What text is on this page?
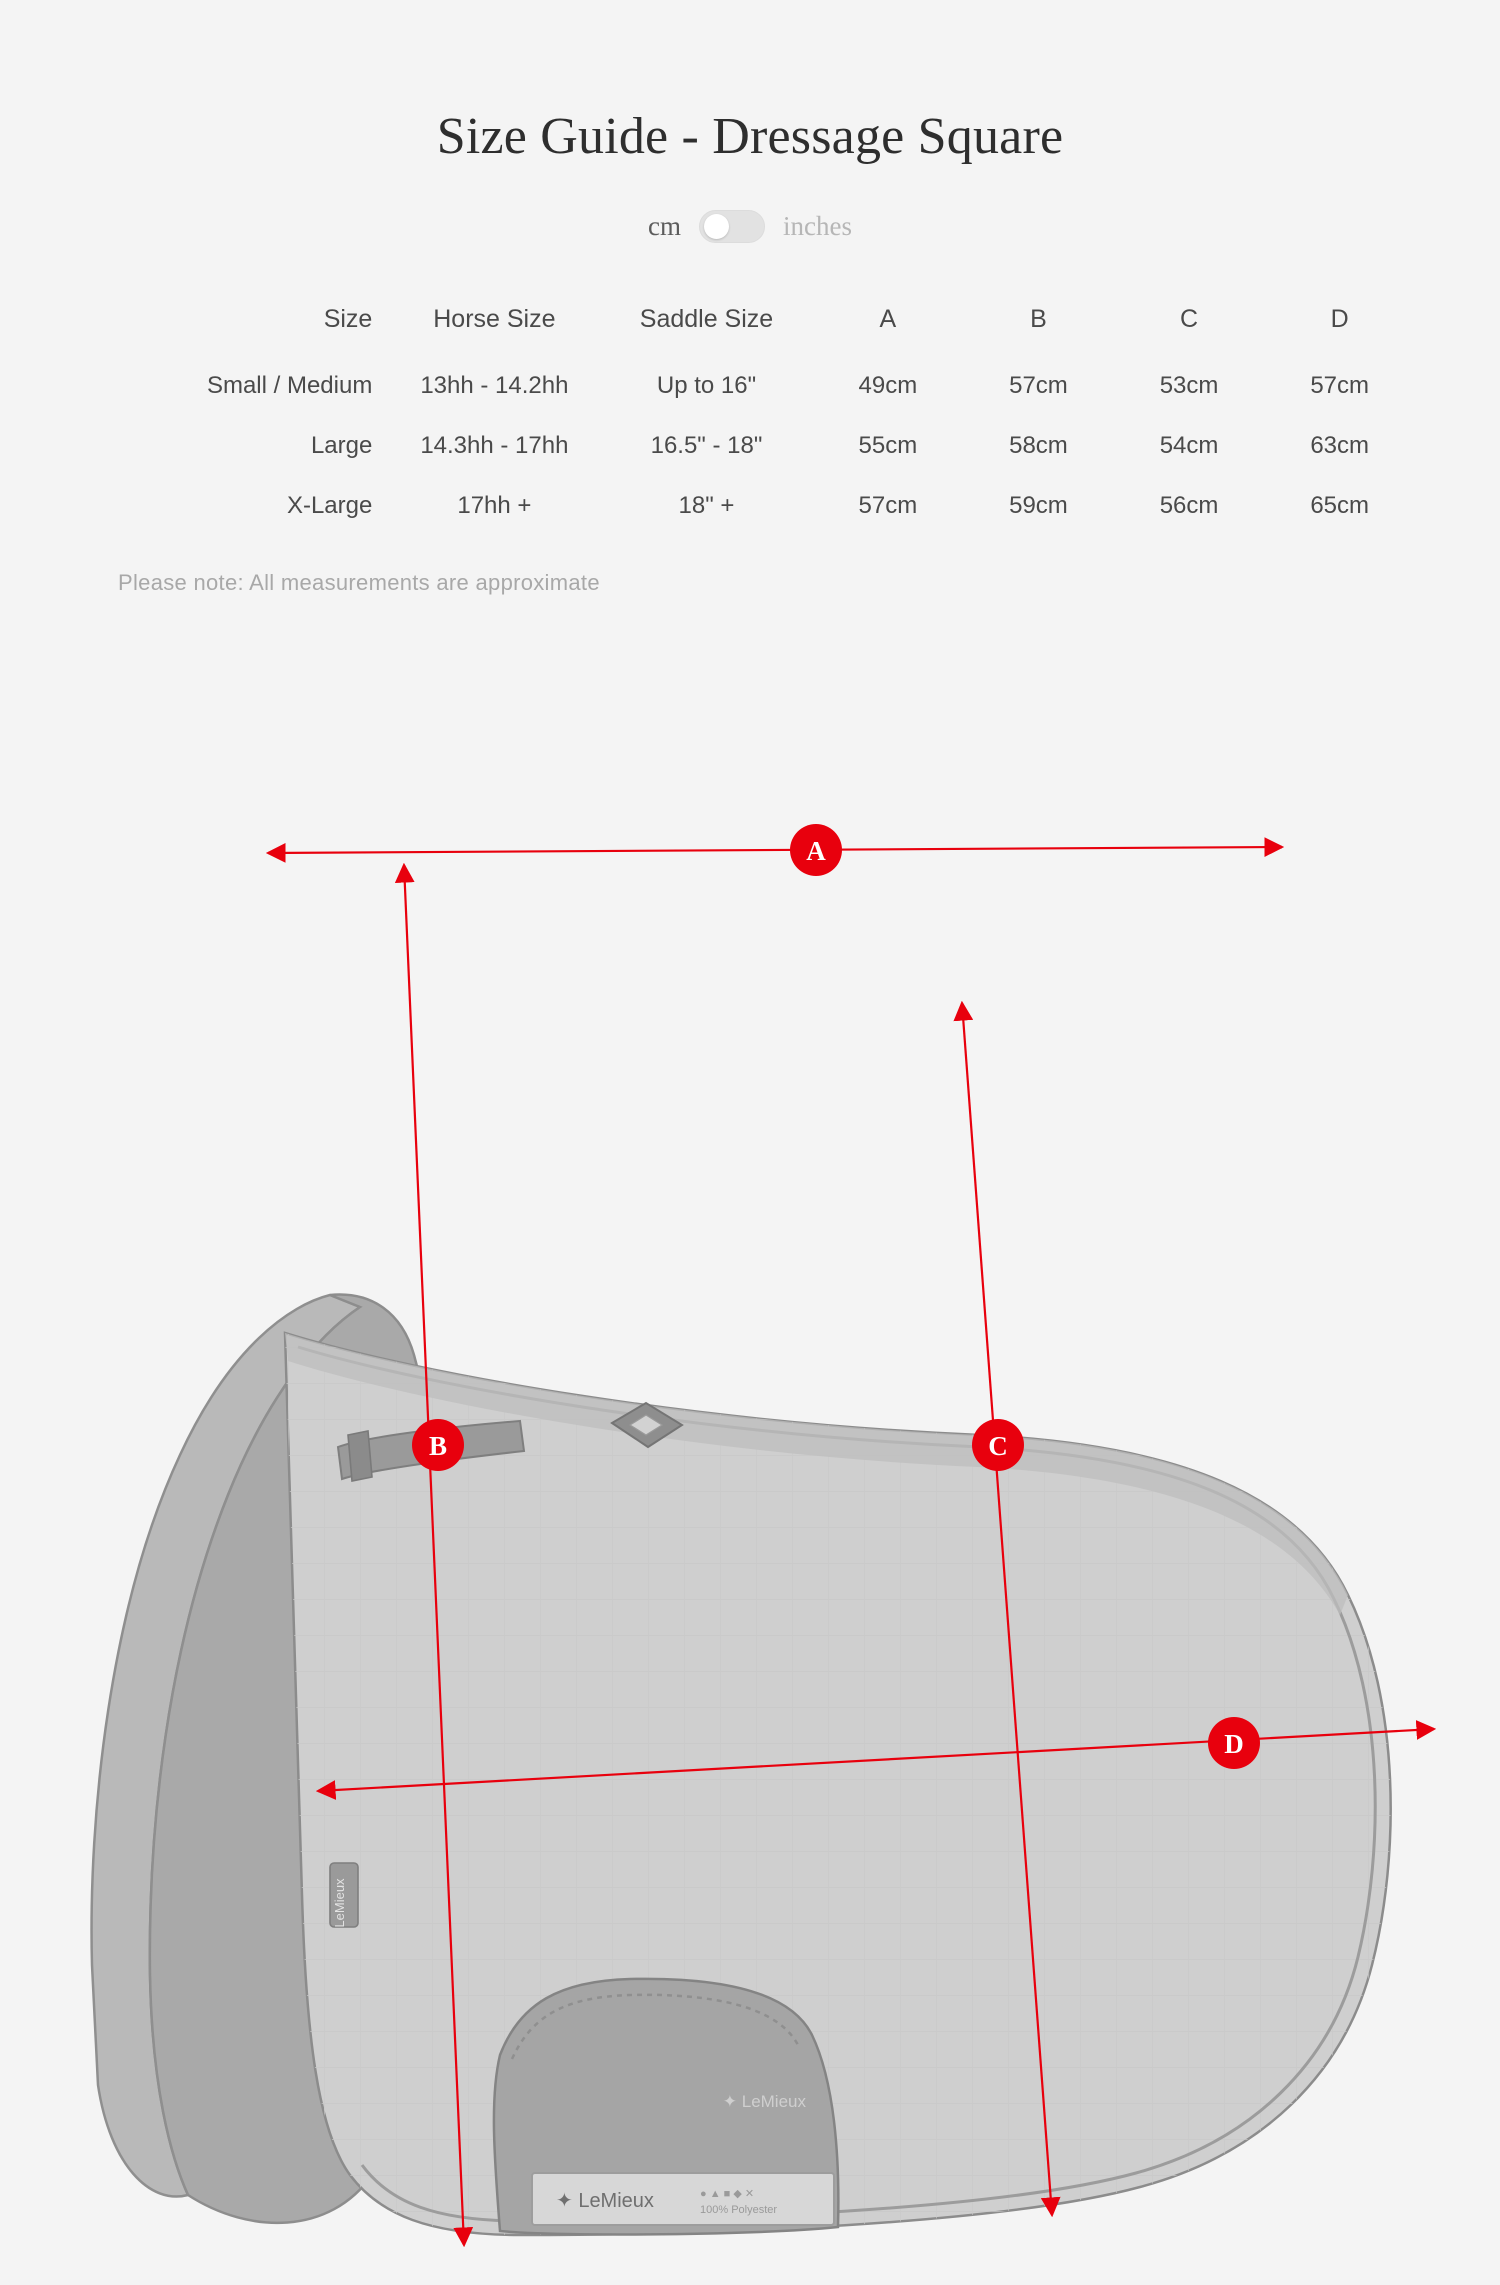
Size Guide - Dressage Square
cm	inches
Size	Horse Size	Saddle Size	A	B	C	D
Small / Medium	13hh - 14.2hh	Up to 16"	49cm	57cm	53cm	57cm
Large	14.3hh - 17hh	16.5" - 18"	55cm	58cm	54cm	63cm
X-Large	17hh +	18" +	57cm	59cm	56cm	65cm
Please note: All measurements are approximate
LeMieux
✦ LeMieux
✦ LeMieux	● ▲ ■ ◆ ✕
100% Polyester
A
B	C
D
